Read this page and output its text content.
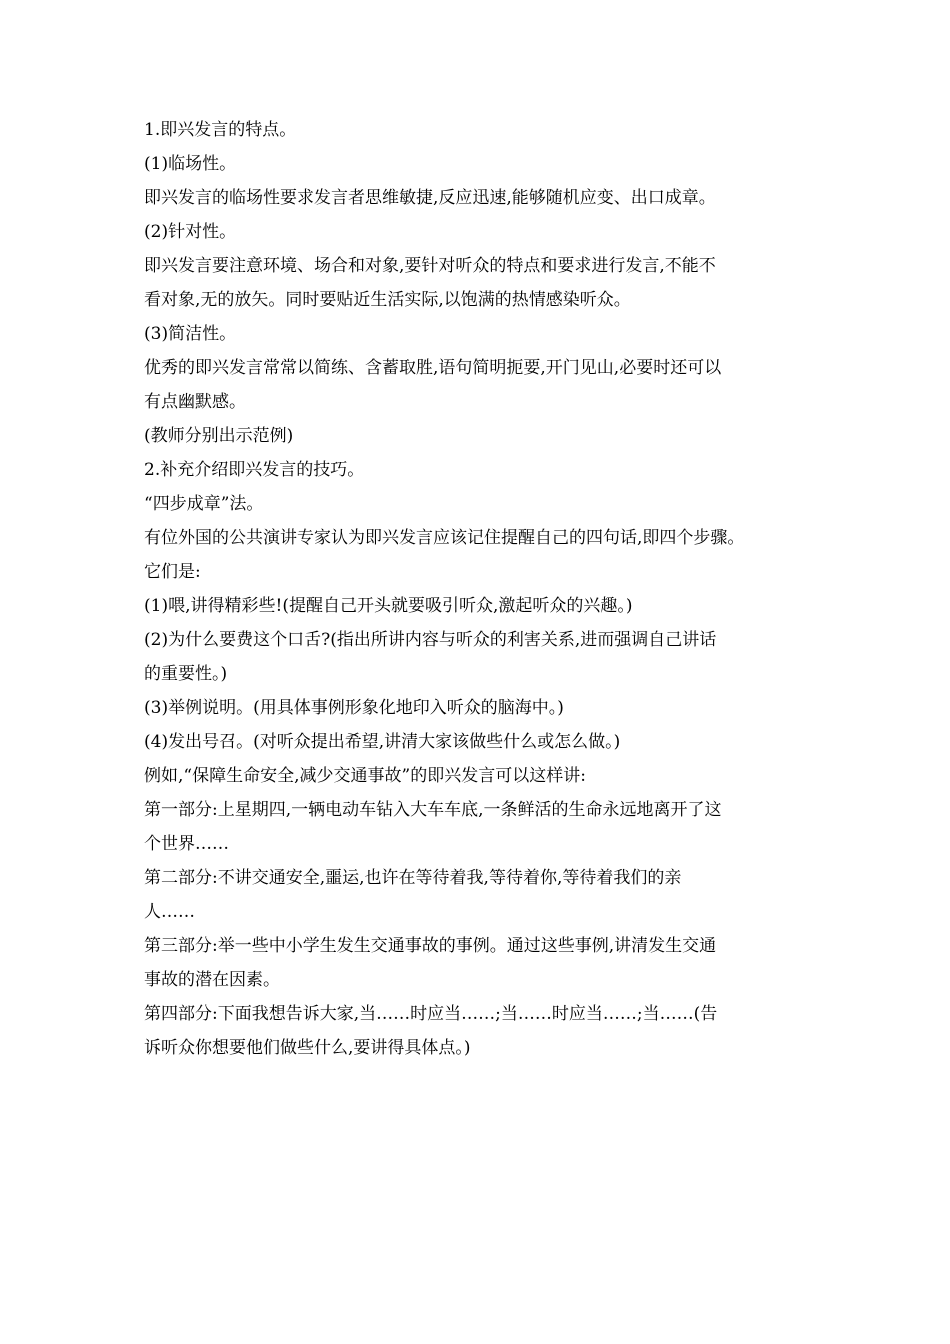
1.即兴发言的特点。
(1)临场性。
即兴发言的临场性要求发言者思维敏捷,反应迅速,能够随机应变、出口成章。
(2)针对性。
即兴发言要注意环境、场合和对象,要针对听众的特点和要求进行发言,不能不
看对象,无的放矢。同时要贴近生活实际,以饱满的热情感染听众。
(3)简洁性。
优秀的即兴发言常常以简练、含蓄取胜,语句简明扼要,开门见山,必要时还可以
有点幽默感。
(教师分别出示范例)
2.补充介绍即兴发言的技巧。
“四步成章”法。
有位外国的公共演讲专家认为即兴发言应该记住提醒自己的四句话,即四个步骤。
它们是:
(1)喂,讲得精彩些!(提醒自己开头就要吸引听众,激起听众的兴趣。)
(2)为什么要费这个口舌?(指出所讲内容与听众的利害关系,进而强调自己讲话
的重要性。)
(3)举例说明。(用具体事例形象化地印入听众的脑海中。)
(4)发出号召。(对听众提出希望,讲清大家该做些什么或怎么做。)
例如,“保障生命安全,减少交通事故”的即兴发言可以这样讲:
第一部分:上星期四,一辆电动车钻入大车车底,一条鲜活的生命永远地离开了这
个世界……
第二部分:不讲交通安全,噩运,也许在等待着我,等待着你,等待着我们的亲
人……
第三部分:举一些中小学生发生交通事故的事例。通过这些事例,讲清发生交通
事故的潜在因素。
第四部分:下面我想告诉大家,当……时应当……;当……时应当……;当……(告
诉听众你想要他们做些什么,要讲得具体点。)
